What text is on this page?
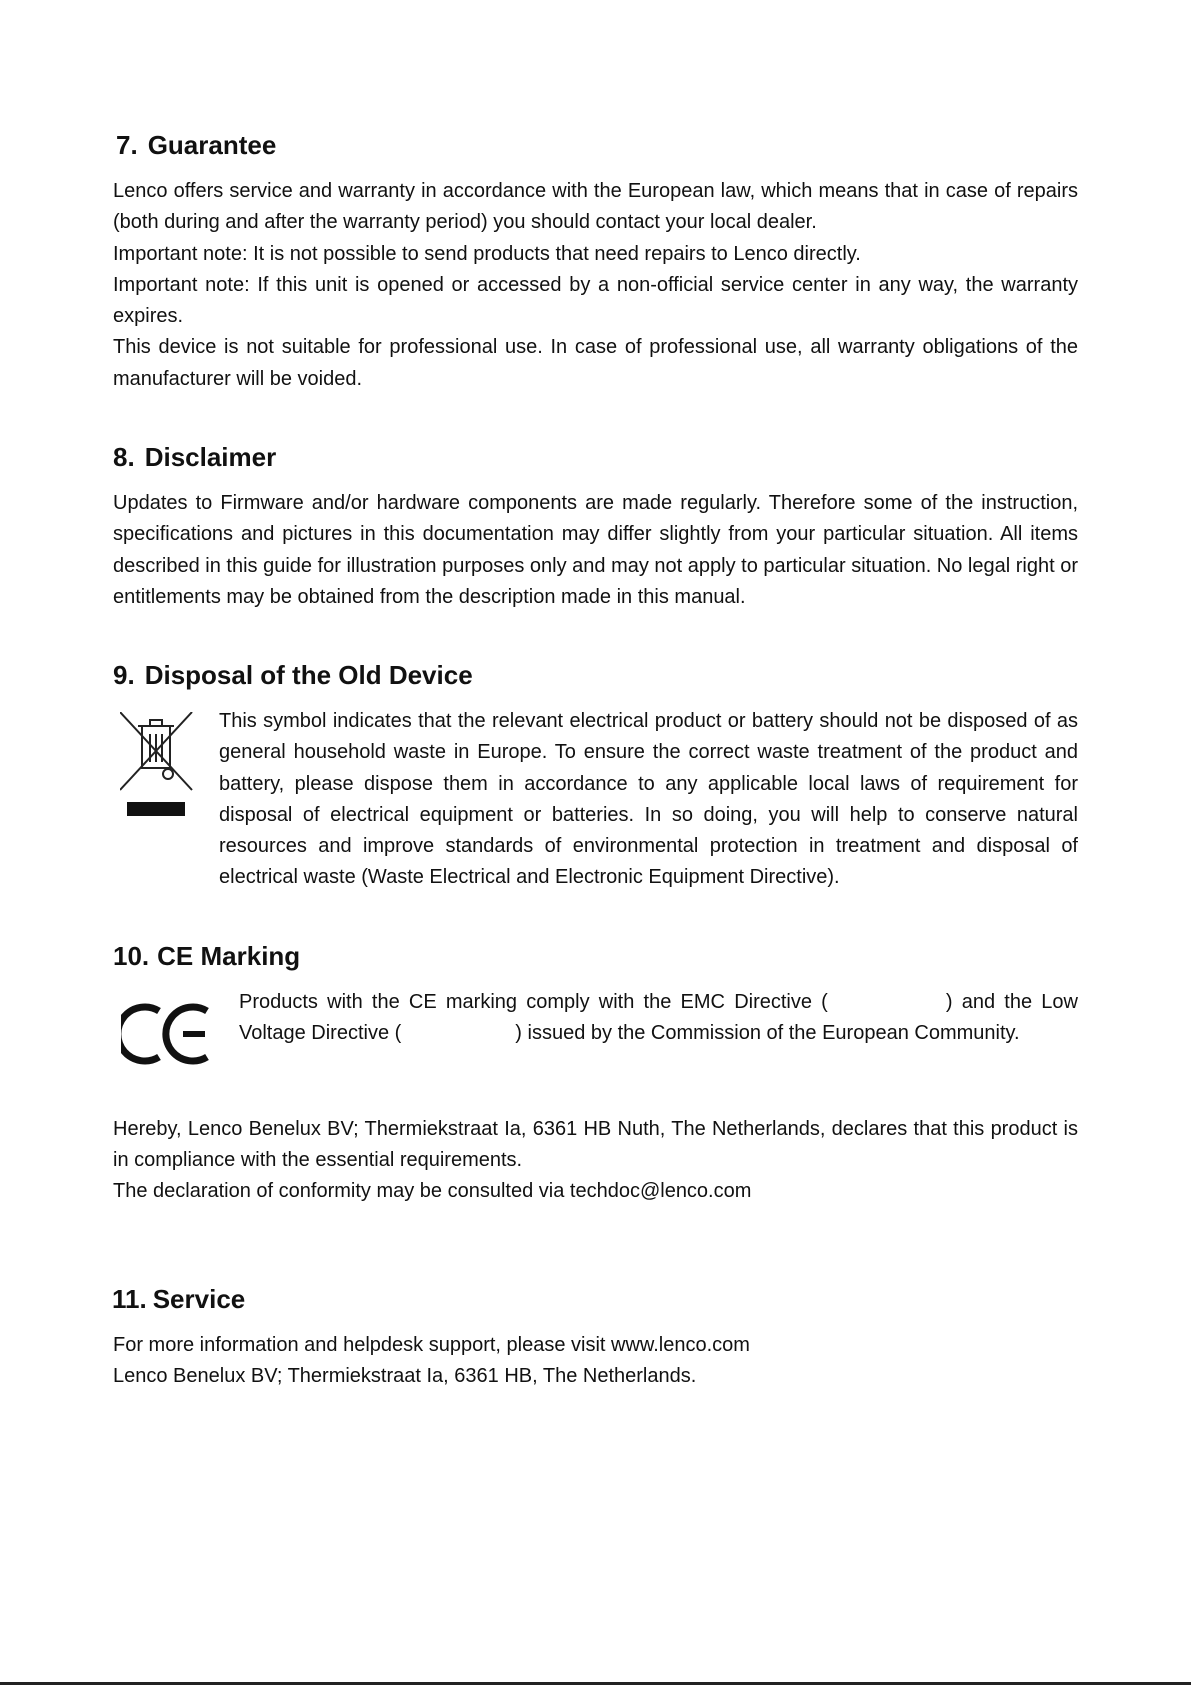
7. Guarantee

Lenco offers service and warranty in accordance with the European law, which means that in case of repairs (both during and after the warranty period) you should contact your local dealer.

Important note: It is not possible to send products that need repairs to Lenco directly.

Important note: If this unit is opened or accessed by a non-official service center in any way, the warranty expires.

This device is not suitable for professional use. In case of professional use, all warranty obligations of the manufacturer will be voided.

8. Disclaimer

Updates to Firmware and/or hardware components are made regularly. Therefore some of the instruction, specifications and pictures in this documentation may differ slightly from your particular situation. All items described in this guide for illustration purposes only and may not apply to particular situation. No legal right or entitlements may be obtained from the description made in this manual.

9. Disposal of the Old Device

This symbol indicates that the relevant electrical product or battery should not be disposed of as general household waste in Europe. To ensure the correct waste treatment of the product and battery, please dispose them in accordance to any applicable local laws of requirement for disposal of electrical equipment or batteries. In so doing, you will help to conserve natural resources and improve standards of environmental protection in treatment and disposal of electrical waste (Waste Electrical and Electronic Equipment Directive).

10. CE Marking

Products with the CE marking comply with the EMC Directive (	) and the Low Voltage Directive (	) issued by the Commission of the European Community.

Hereby, Lenco Benelux BV; Thermiekstraat Ia, 6361 HB Nuth, The Netherlands, declares that this product is in compliance with the essential requirements.

The declaration of conformity may be consulted via techdoc@lenco.com

11. Service

For more information and helpdesk support, please visit www.lenco.com

Lenco Benelux BV; Thermiekstraat Ia, 6361 HB, The Netherlands.
